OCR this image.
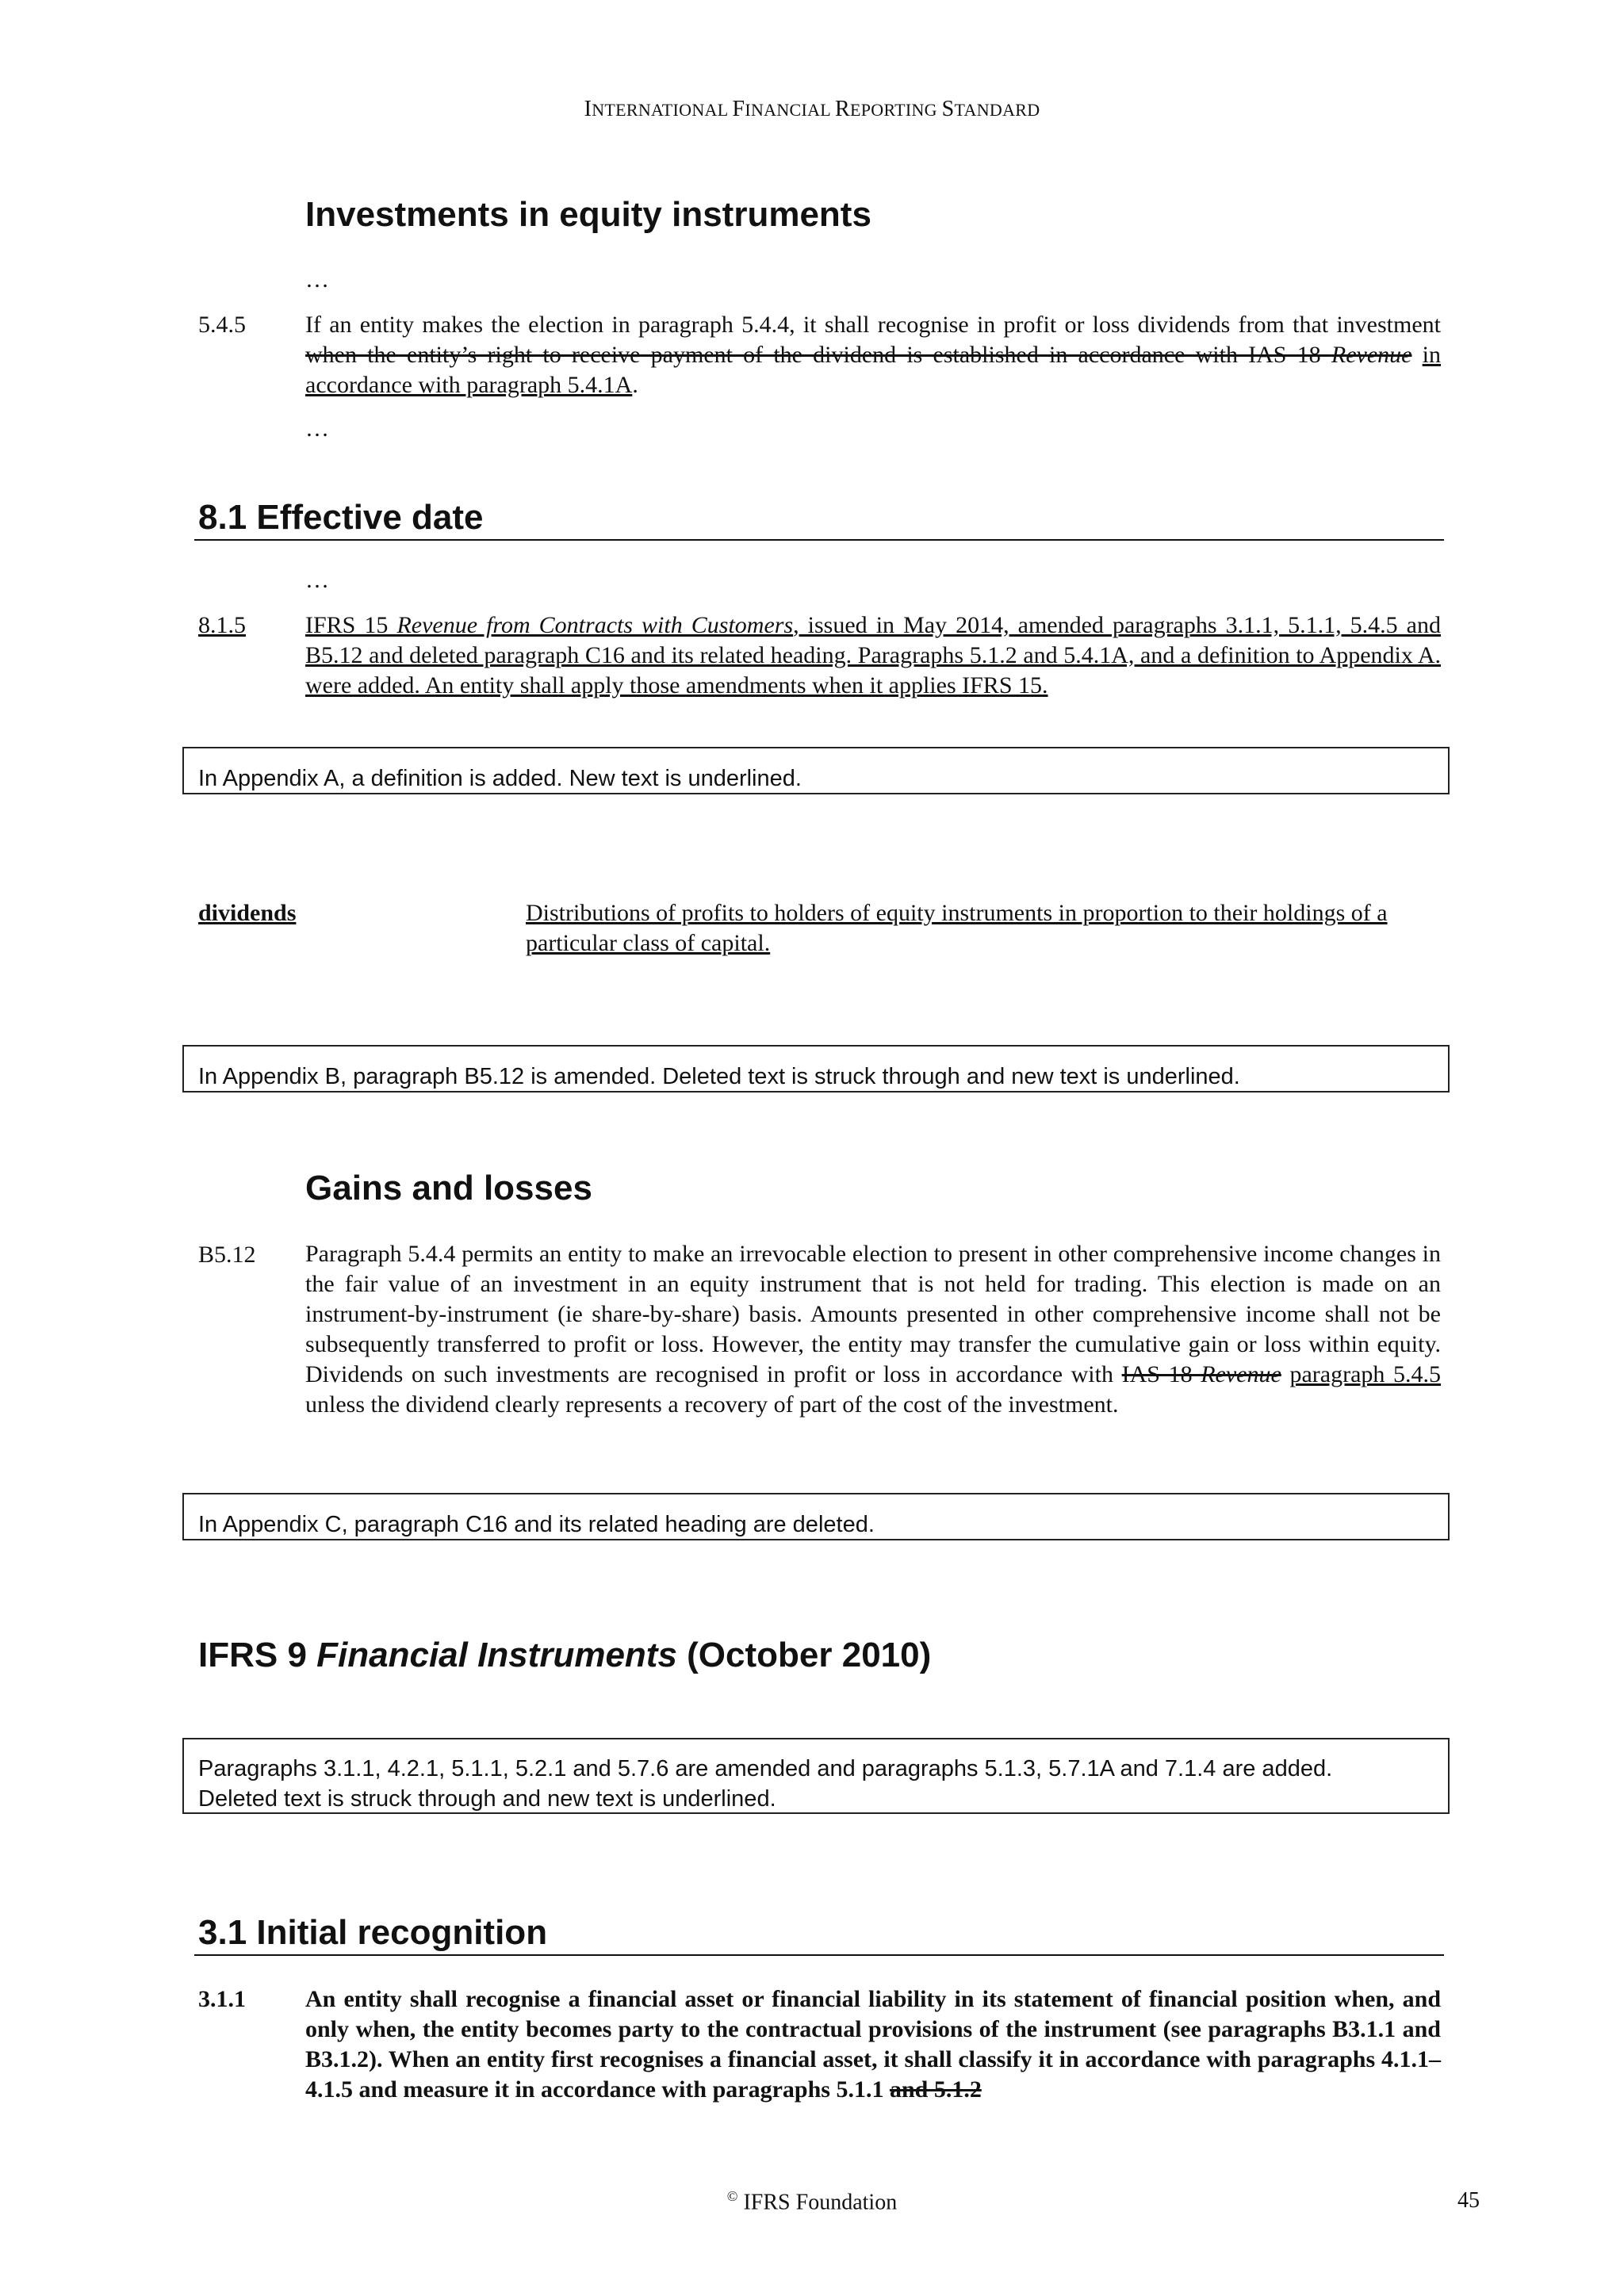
INTERNATIONAL FINANCIAL REPORTING STANDARD
Investments in equity instruments
…
5.4.5	If an entity makes the election in paragraph 5.4.4, it shall recognise in profit or loss dividends from that investment when the entity’s right to receive payment of the dividend is established in accordance with IAS 18 Revenue in accordance with paragraph 5.4.1A.
…
8.1 Effective date
…
8.1.5	IFRS 15 Revenue from Contracts with Customers, issued in May 2014, amended paragraphs 3.1.1, 5.1.1, 5.4.5 and B5.12 and deleted paragraph C16 and its related heading. Paragraphs 5.1.2 and 5.4.1A, and a definition to Appendix A. were added. An entity shall apply those amendments when it applies IFRS 15.
In Appendix A, a definition is added. New text is underlined.
dividends	Distributions of profits to holders of equity instruments in proportion to their holdings of a particular class of capital.
In Appendix B, paragraph B5.12 is amended. Deleted text is struck through and new text is underlined.
Gains and losses
B5.12 Paragraph 5.4.4 permits an entity to make an irrevocable election to present in other comprehensive income changes in the fair value of an investment in an equity instrument that is not held for trading. This election is made on an instrument-by-instrument (ie share-by-share) basis. Amounts presented in other comprehensive income shall not be subsequently transferred to profit or loss. However, the entity may transfer the cumulative gain or loss within equity. Dividends on such investments are recognised in profit or loss in accordance with IAS 18 Revenue paragraph 5.4.5 unless the dividend clearly represents a recovery of part of the cost of the investment.
In Appendix C, paragraph C16 and its related heading are deleted.
IFRS 9 Financial Instruments (October 2010)
Paragraphs 3.1.1, 4.2.1, 5.1.1, 5.2.1 and 5.7.6 are amended and paragraphs 5.1.3, 5.7.1A and 7.1.4 are added.
Deleted text is struck through and new text is underlined.
3.1 Initial recognition
3.1.1	An entity shall recognise a financial asset or financial liability in its statement of financial position when, and only when, the entity becomes party to the contractual provisions of the instrument (see paragraphs B3.1.1 and B3.1.2). When an entity first recognises a financial asset, it shall classify it in accordance with paragraphs 4.1.1–4.1.5 and measure it in accordance with paragraphs 5.1.1 and 5.1.2
© IFRS Foundation	45
